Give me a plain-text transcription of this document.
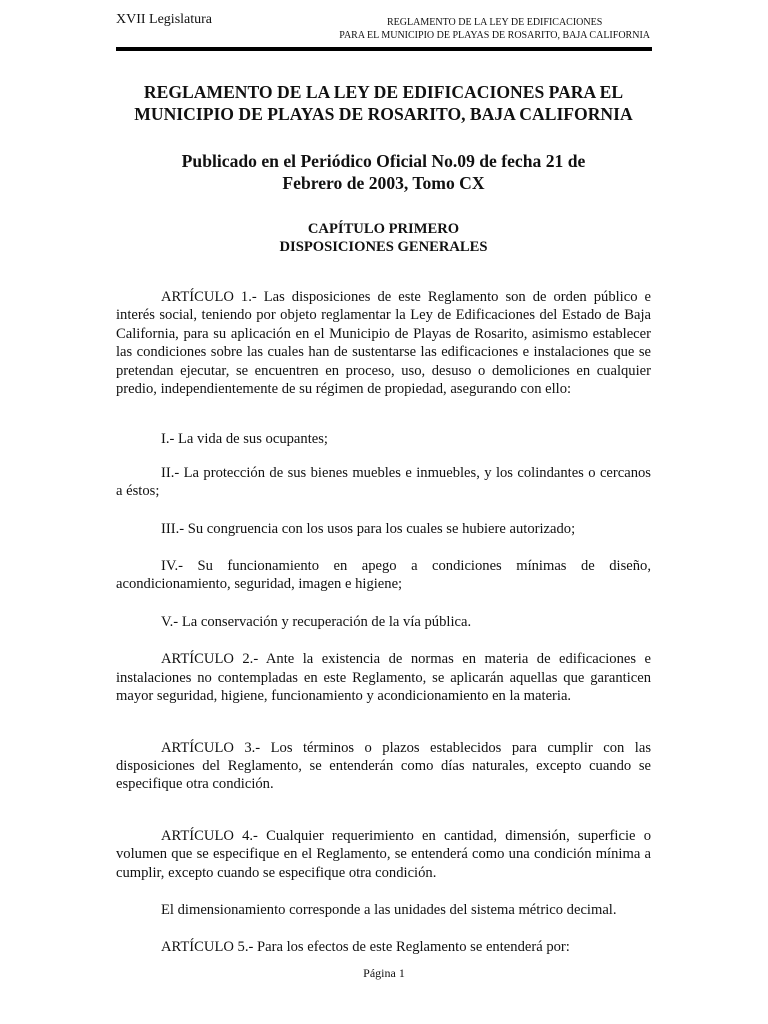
XVII Legislatura	REGLAMENTO DE LA LEY DE EDIFICACIONES
PARA EL MUNICIPIO DE PLAYAS DE ROSARITO, BAJA CALIFORNIA
REGLAMENTO DE LA LEY DE EDIFICACIONES PARA EL
MUNICIPIO DE PLAYAS DE ROSARITO, BAJA CALIFORNIA
Publicado en el Periódico Oficial No.09 de fecha 21 de
Febrero de 2003, Tomo CX
CAPÍTULO PRIMERO
DISPOSICIONES GENERALES

ARTÍCULO 1.- Las disposiciones de este Reglamento son de orden público e interés social, teniendo por objeto reglamentar la Ley de Edificaciones del Estado de Baja California, para su aplicación en el Municipio de Playas de Rosarito, asimismo establecer las condiciones sobre las cuales han de sustentarse las edificaciones e instalaciones que se pretendan ejecutar, se encuentren en proceso, uso, desuso o demoliciones en cualquier predio, independientemente de su régimen de propiedad, asegurando con ello:

I.- La vida de sus ocupantes;

II.- La protección de sus bienes muebles e inmuebles, y los colindantes o cercanos a éstos;

III.- Su congruencia con los usos para los cuales se hubiere autorizado;

IV.- Su funcionamiento en apego a condiciones mínimas de diseño, acondicionamiento, seguridad, imagen e higiene;

V.- La conservación y recuperación de la vía pública.

ARTÍCULO 2.- Ante la existencia de normas en materia de edificaciones e instalaciones no contempladas en este Reglamento, se aplicarán aquellas que garanticen mayor seguridad, higiene, funcionamiento y acondicionamiento en la materia.

ARTÍCULO 3.- Los términos o plazos establecidos para cumplir con las disposiciones del Reglamento, se entenderán como días naturales, excepto cuando se especifique otra condición.

ARTÍCULO 4.- Cualquier requerimiento en cantidad, dimensión, superficie o volumen que se especifique en el Reglamento, se entenderá como una condición mínima a cumplir, excepto cuando se especifique otra condición.

El dimensionamiento corresponde a las unidades del sistema métrico decimal.

ARTÍCULO 5.- Para los efectos de este Reglamento se entenderá por:

Página 1
